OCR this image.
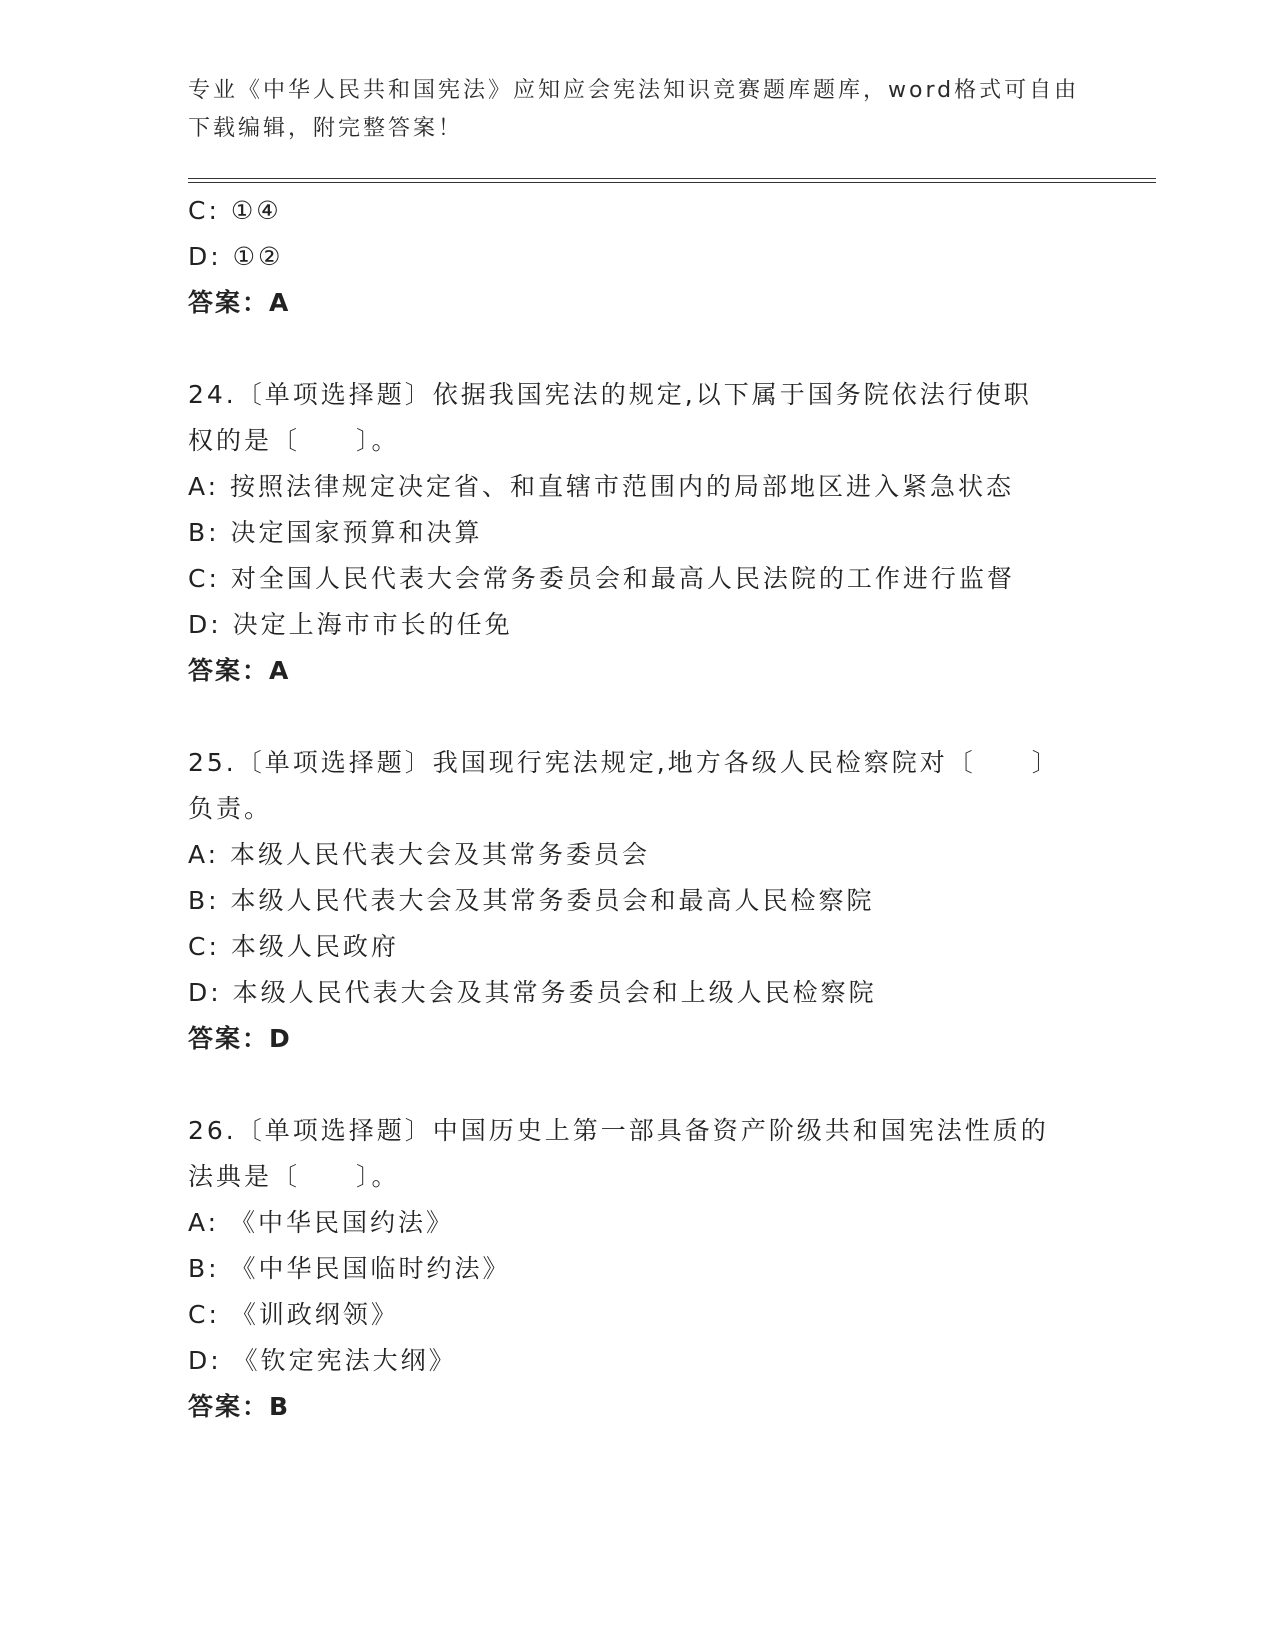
专业《中华人民共和国宪法》应知应会宪法知识竞赛题库题库，word格式可自由
下载编辑，附完整答案！
C: ①④
D: ①②
答案：A
24.〔单项选择题〕依据我国宪法的规定,以下属于国务院依法行使职
权的是〔　　〕。
A: 按照法律规定决定省、和直辖市范围内的局部地区进入紧急状态
B: 决定国家预算和决算
C: 对全国人民代表大会常务委员会和最高人民法院的工作进行监督
D: 决定上海市市长的任免
答案：A
25.〔单项选择题〕我国现行宪法规定,地方各级人民检察院对〔　　〕
负责。
A: 本级人民代表大会及其常务委员会
B: 本级人民代表大会及其常务委员会和最高人民检察院
C: 本级人民政府
D: 本级人民代表大会及其常务委员会和上级人民检察院
答案：D
26.〔单项选择题〕中国历史上第一部具备资产阶级共和国宪法性质的
法典是〔　　〕。
A: 《中华民国约法》
B: 《中华民国临时约法》
C: 《训政纲领》
D: 《钦定宪法大纲》
答案：B
